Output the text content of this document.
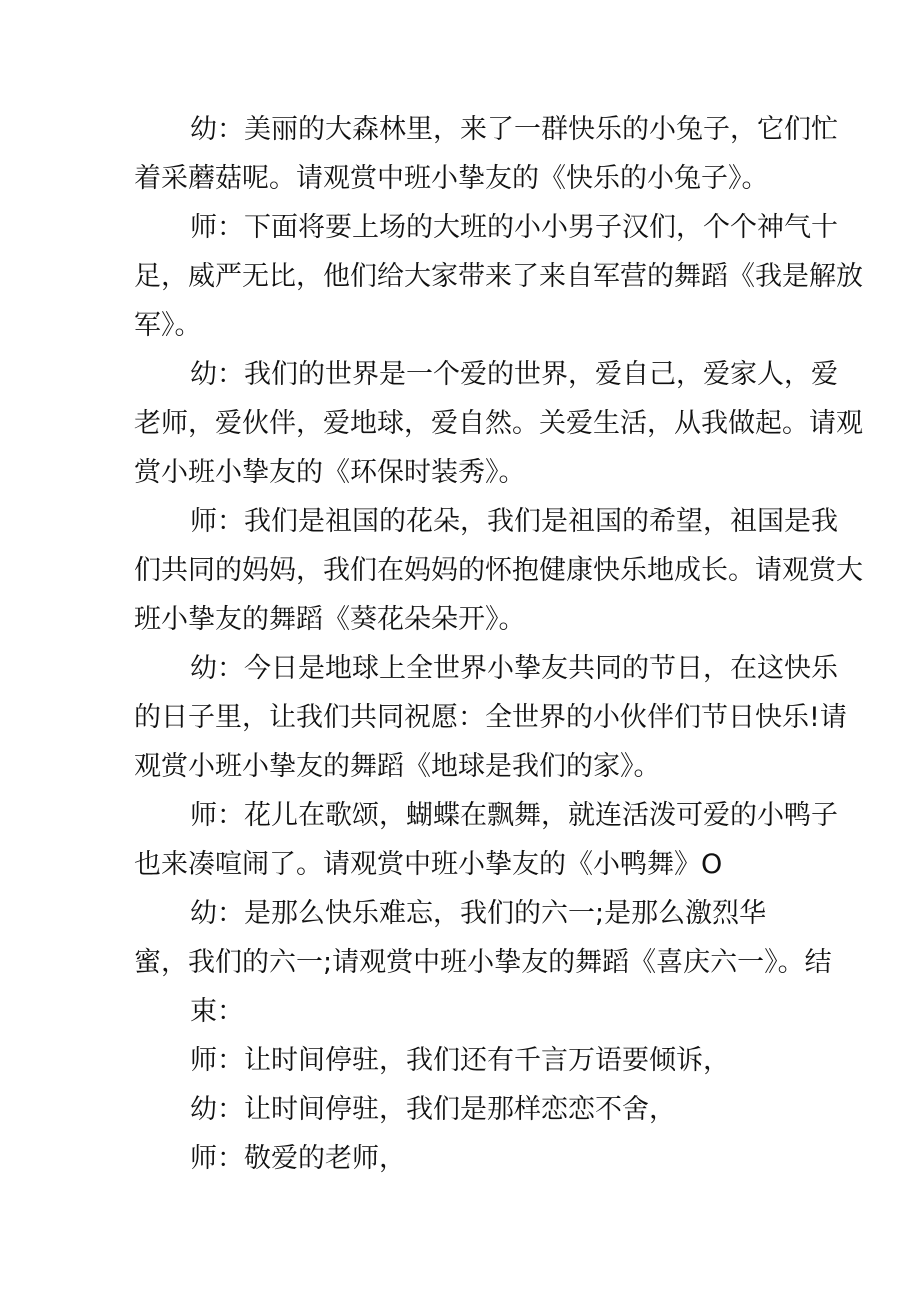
幼：美丽的大森林里，来了一群快乐的小兔子，它们忙
着采蘑菇呢。请观赏中班小挚友的《快乐的小兔子》。
师：下面将要上场的大班的小小男子汉们，个个神气十
足，威严无比，他们给大家带来了来自军营的舞蹈《我是解放
军》。
幼：我们的世界是一个爱的世界，爱自己，爱家人，爱
老师，爱伙伴，爱地球，爱自然。关爱生活，从我做起。请观
赏小班小挚友的《环保时装秀》。
师：我们是祖国的花朵，我们是祖国的希望，祖国是我
们共同的妈妈，我们在妈妈的怀抱健康快乐地成长。请观赏大
班小挚友的舞蹈《葵花朵朵开》。
幼：今日是地球上全世界小挚友共同的节日，在这快乐
的日子里，让我们共同祝愿：全世界的小伙伴们节日快乐!请
观赏小班小挚友的舞蹈《地球是我们的家》。
师：花儿在歌颂，蝴蝶在飘舞，就连活泼可爱的小鸭子
也来凑喧闹了。请观赏中班小挚友的《小鸭舞》O
幼：是那么快乐难忘，我们的六一;是那么激烈华
蜜，我们的六一;请观赏中班小挚友的舞蹈《喜庆六一》。结
束：
师：让时间停驻，我们还有千言万语要倾诉，
幼：让时间停驻，我们是那样恋恋不舍，
师：敬爱的老师，
